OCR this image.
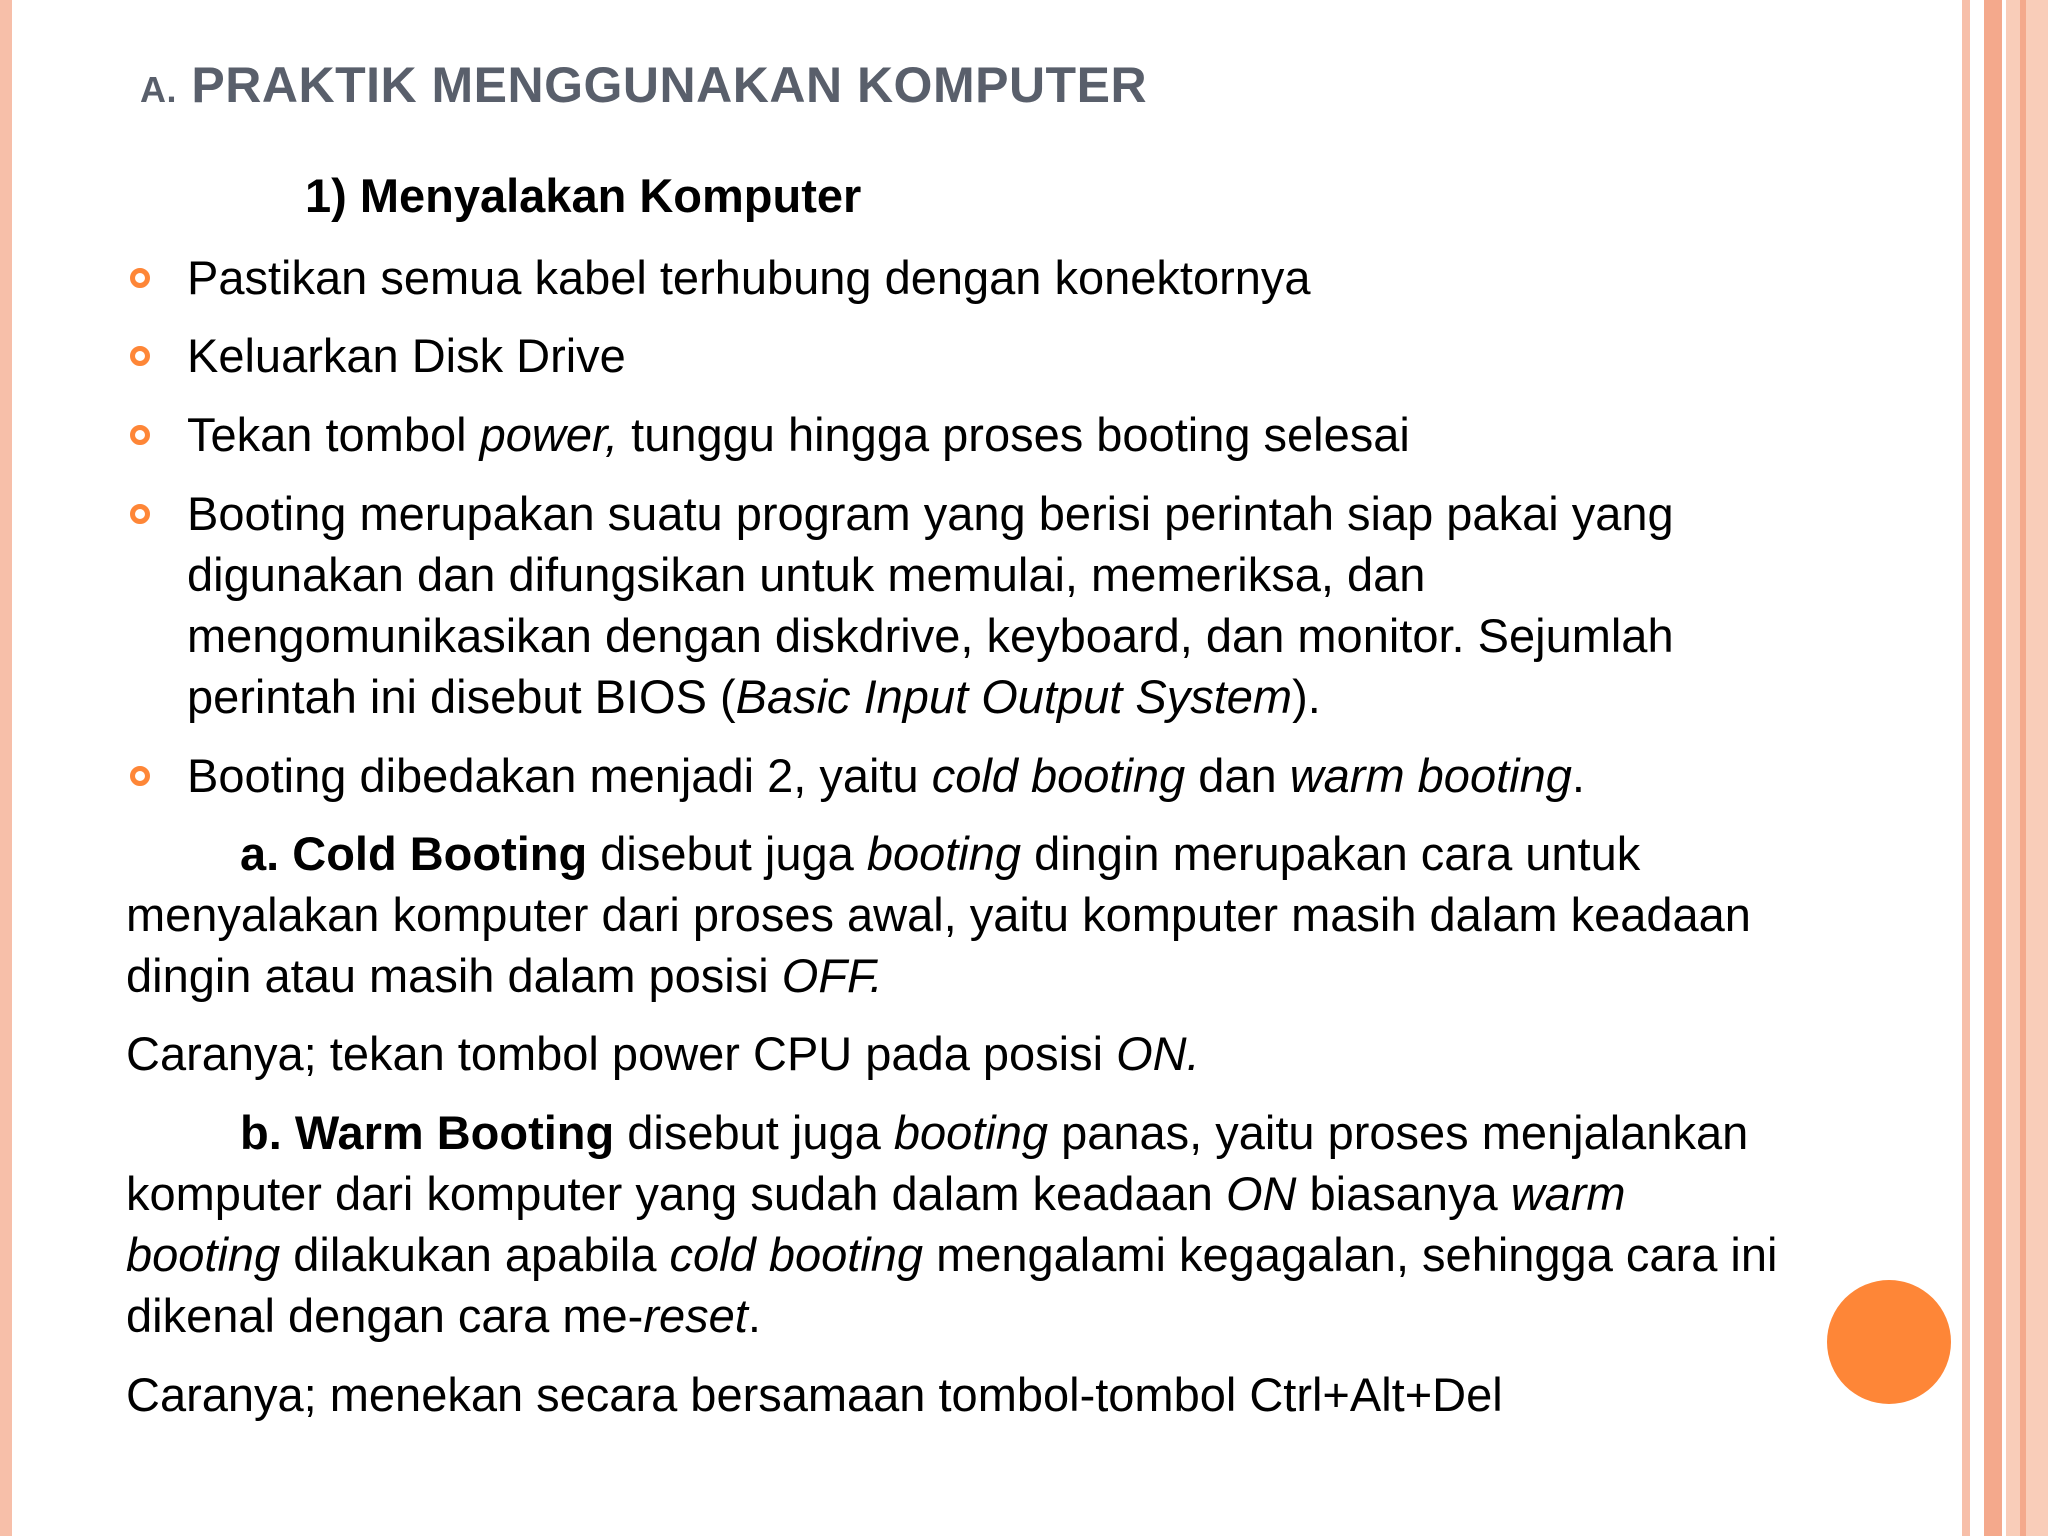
A. PRAKTIK MENGGUNAKAN KOMPUTER
1) Menyalakan Komputer
Pastikan semua kabel terhubung dengan konektornya
Keluarkan Disk Drive
Tekan tombol power, tunggu hingga proses booting selesai
Booting merupakan suatu program yang berisi perintah siap pakai yang
digunakan dan difungsikan untuk memulai, memeriksa, dan
mengomunikasikan dengan diskdrive, keyboard, dan monitor. Sejumlah
perintah ini disebut BIOS (Basic Input Output System).
Booting dibedakan menjadi 2, yaitu cold booting dan warm booting.
a. Cold Booting disebut juga booting dingin merupakan cara untuk
menyalakan komputer dari proses awal, yaitu komputer masih dalam keadaan
dingin atau masih dalam posisi OFF.
Caranya; tekan tombol power CPU pada posisi ON.
b. Warm Booting disebut juga booting panas, yaitu proses menjalankan
komputer dari komputer yang sudah dalam keadaan ON biasanya warm
booting dilakukan apabila cold booting mengalami kegagalan, sehingga cara ini
dikenal dengan cara me-reset.
Caranya; menekan secara bersamaan tombol-tombol Ctrl+Alt+Del
